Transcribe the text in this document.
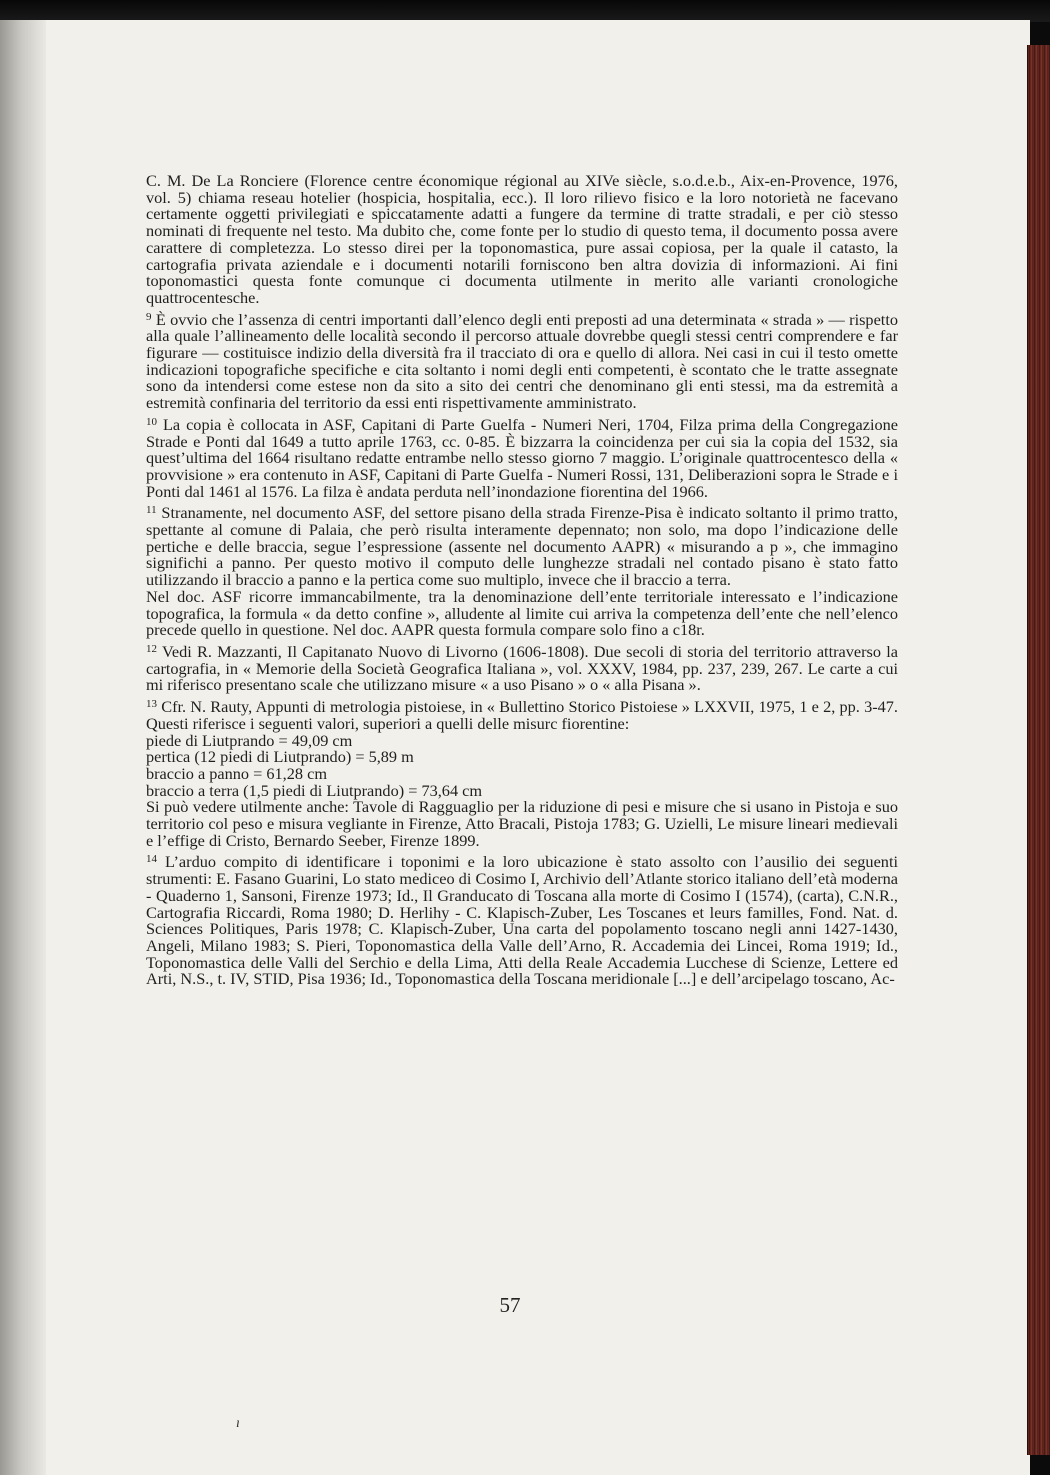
C. M. De La Ronciere (Florence centre économique régional au XIVe siècle, s.o.d.e.b., Aix-en-Provence, 1976, vol. 5) chiama reseau hotelier (hospicia, hospitalia, ecc.). Il loro rilievo fisico e la loro notorietà ne facevano certamente oggetti privilegiati e spiccatamente adatti a fungere da termine di tratte stradali, e per ciò stesso nominati di frequente nel testo. Ma dubito che, come fonte per lo studio di questo tema, il documento possa avere carattere di completezza. Lo stesso direi per la toponomastica, pure assai copiosa, per la quale il catasto, la cartografia privata aziendale e i documenti notarili forniscono ben altra dovizia di informazioni. Ai fini toponomastici questa fonte comunque ci documenta utilmente in merito alle varianti cronologiche quattrocentesche.

$^9$ È ovvio che l’assenza di centri importanti dall’elenco degli enti preposti ad una determinata « strada » — rispetto alla quale l’allineamento delle località secondo il percorso attuale dovrebbe quegli stessi centri comprendere e far figurare — costituisce indizio della diversità fra il tracciato di ora e quello di allora. Nei casi in cui il testo omette indicazioni topografiche specifiche e cita soltanto i nomi degli enti competenti, è scontato che le tratte assegnate sono da intendersi come estese non da sito a sito dei centri che denominano gli enti stessi, ma da estremità a estremità confinaria del territorio da essi enti rispettivamente amministrato.

$^{10}$ La copia è collocata in ASF, Capitani di Parte Guelfa - Numeri Neri, 1704, Filza prima della Congregazione Strade e Ponti dal 1649 a tutto aprile 1763, cc. 0-85. È bizzarra la coincidenza per cui sia la copia del 1532, sia quest’ultima del 1664 risultano redatte entrambe nello stesso giorno 7 maggio. L’originale quattrocentesco della « provvisione » era contenuto in ASF, Capitani di Parte Guelfa - Numeri Rossi, 131, Deliberazioni sopra le Strade e i Ponti dal 1461 al 1576. La filza è andata perduta nell’inondazione fiorentina del 1966.

$^{11}$ Stranamente, nel documento ASF, del settore pisano della strada Firenze-Pisa è indicato soltanto il primo tratto, spettante al comune di Palaia, che però risulta interamente depennato; non solo, ma dopo l’indicazione delle pertiche e delle braccia, segue l’espressione (assente nel documento AAPR) « misurando a p », che immagino significhi a panno. Per questo motivo il computo delle lunghezze stradali nel contado pisano è stato fatto utilizzando il braccio a panno e la pertica come suo multiplo, invece che il braccio a terra.

Nel doc. ASF ricorre immancabilmente, tra la denominazione dell’ente territoriale interessato e l’indicazione topografica, la formula « da detto confine », alludente al limite cui arriva la competenza dell’ente che nell’elenco precede quello in questione. Nel doc. AAPR questa formula compare solo fino a c18r.

$^{12}$ Vedi R. Mazzanti, Il Capitanato Nuovo di Livorno (1606-1808). Due secoli di storia del territorio attraverso la cartografia, in « Memorie della Società Geografica Italiana », vol. XXXV, 1984, pp. 237, 239, 267. Le carte a cui mi riferisco presentano scale che utilizzano misure « a uso Pisano » o « alla Pisana ».

$^{13}$ Cfr. N. Rauty, Appunti di metrologia pistoiese, in « Bullettino Storico Pistoiese » LXXVII, 1975, 1 e 2, pp. 3-47. Questi riferisce i seguenti valori, superiori a quelli delle misurc fiorentine:

piede di Liutprando = 49,09 cm

pertica (12 piedi di Liutprando) = 5,89 m

braccio a panno = 61,28 cm

braccio a terra (1,5 piedi di Liutprando) = 73,64 cm

Si può vedere utilmente anche: Tavole di Ragguaglio per la riduzione di pesi e misure che si usano in Pistoja e suo territorio col peso e misura vegliante in Firenze, Atto Bracali, Pistoja 1783; G. Uzielli, Le misure lineari medievali e l’effige di Cristo, Bernardo Seeber, Firenze 1899.

$^{14}$ L’arduo compito di identificare i toponimi e la loro ubicazione è stato assolto con l’ausilio dei seguenti strumenti: E. Fasano Guarini, Lo stato mediceo di Cosimo I, Archivio dell’Atlante storico italiano dell’età moderna - Quaderno 1, Sansoni, Firenze 1973; Id., Il Granducato di Toscana alla morte di Cosimo I (1574), (carta), C.N.R., Cartografia Riccardi, Roma 1980; D. Herlihy - C. Klapisch-Zuber, Les Toscanes et leurs familles, Fond. Nat. d. Sciences Politiques, Paris 1978; C. Klapisch-Zuber, Una carta del popolamento toscano negli anni 1427-1430, Angeli, Milano 1983; S. Pieri, Toponomastica della Valle dell’Arno, R. Accademia dei Lincei, Roma 1919; Id., Toponomastica delle Valli del Serchio e della Lima, Atti della Reale Accademia Lucchese di Scienze, Lettere ed Arti, N.S., t. IV, STID, Pisa 1936; Id., Toponomastica della Toscana meridionale [...] e dell’arcipelago toscano, Ac-

57
ı
